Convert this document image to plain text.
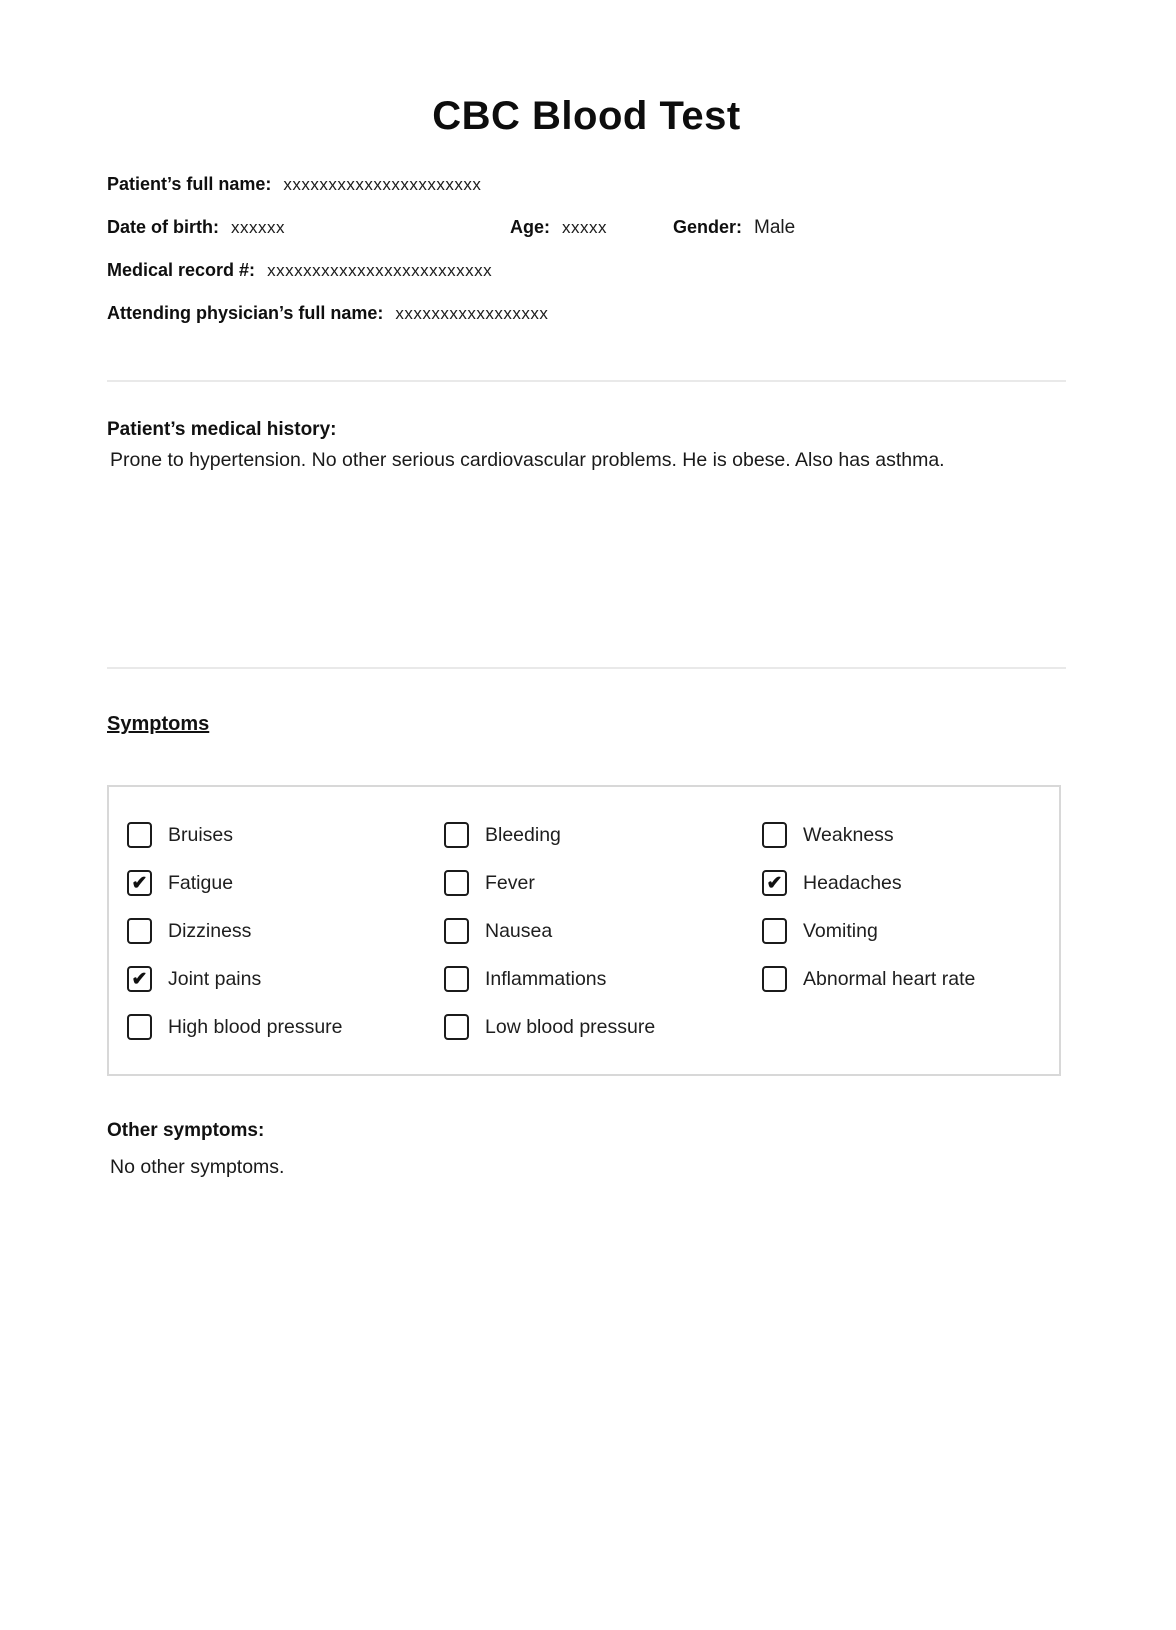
CBC Blood Test
Patient’s full name: xxxxxxxxxxxxxxxxxxxxxx
Date of birth: xxxxxx	Age: xxxxx	Gender: Male
Medical record #: xxxxxxxxxxxxxxxxxxxxxxxxx
Attending physician’s full name: xxxxxxxxxxxxxxxxx
Patient’s medical history:
Prone to hypertension. No other serious cardiovascular problems. He is obese. Also has asthma.
Symptoms
Bruises	Bleeding	Weakness
✔ Fatigue	Fever	✔ Headaches
Dizziness	Nausea	Vomiting
✔ Joint pains	Inflammations	Abnormal heart rate
High blood pressure	Low blood pressure
Other symptoms:
No other symptoms.
